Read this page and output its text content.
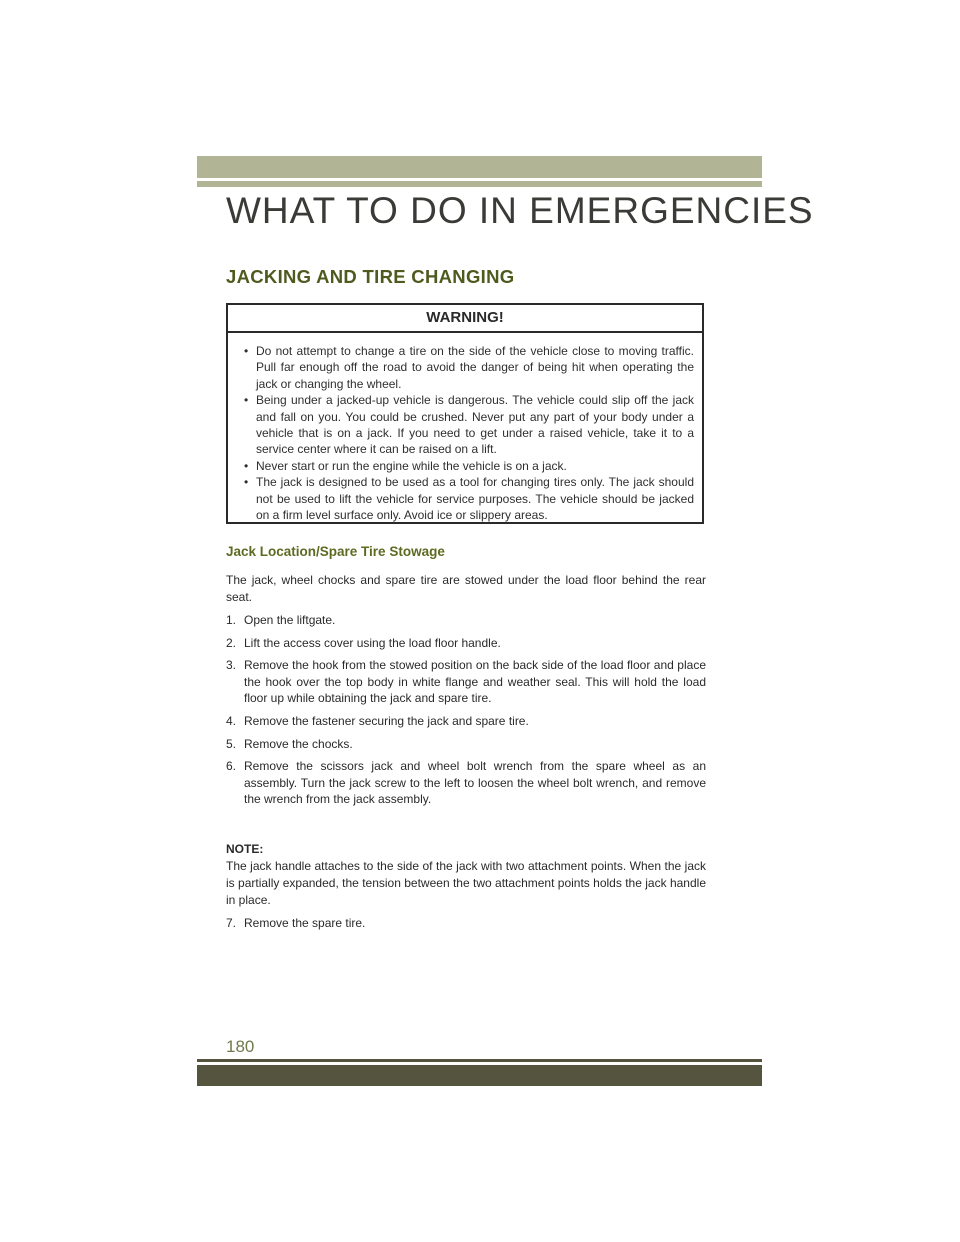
WHAT TO DO IN EMERGENCIES
JACKING AND TIRE CHANGING
WARNING!
• Do not attempt to change a tire on the side of the vehicle close to moving traffic. Pull far enough off the road to avoid the danger of being hit when operating the jack or changing the wheel.
• Being under a jacked-up vehicle is dangerous. The vehicle could slip off the jack and fall on you. You could be crushed. Never put any part of your body under a vehicle that is on a jack. If you need to get under a raised vehicle, take it to a service center where it can be raised on a lift.
• Never start or run the engine while the vehicle is on a jack.
• The jack is designed to be used as a tool for changing tires only. The jack should not be used to lift the vehicle for service purposes. The vehicle should be jacked on a firm level surface only. Avoid ice or slippery areas.
Jack Location/Spare Tire Stowage

The jack, wheel chocks and spare tire are stowed under the load floor behind the rear seat.

1. Open the liftgate.
2. Lift the access cover using the load floor handle.
3. Remove the hook from the stowed position on the back side of the load floor and place the hook over the top body in white flange and weather seal. This will hold the load floor up while obtaining the jack and spare tire.
4. Remove the fastener securing the jack and spare tire.
5. Remove the chocks.
6. Remove the scissors jack and wheel bolt wrench from the spare wheel as an assembly. Turn the jack screw to the left to loosen the wheel bolt wrench, and remove the wrench from the jack assembly.

NOTE:

The jack handle attaches to the side of the jack with two attachment points. When the jack is partially expanded, the tension between the two attachment points holds the jack handle in place.

7. Remove the spare tire.

180
